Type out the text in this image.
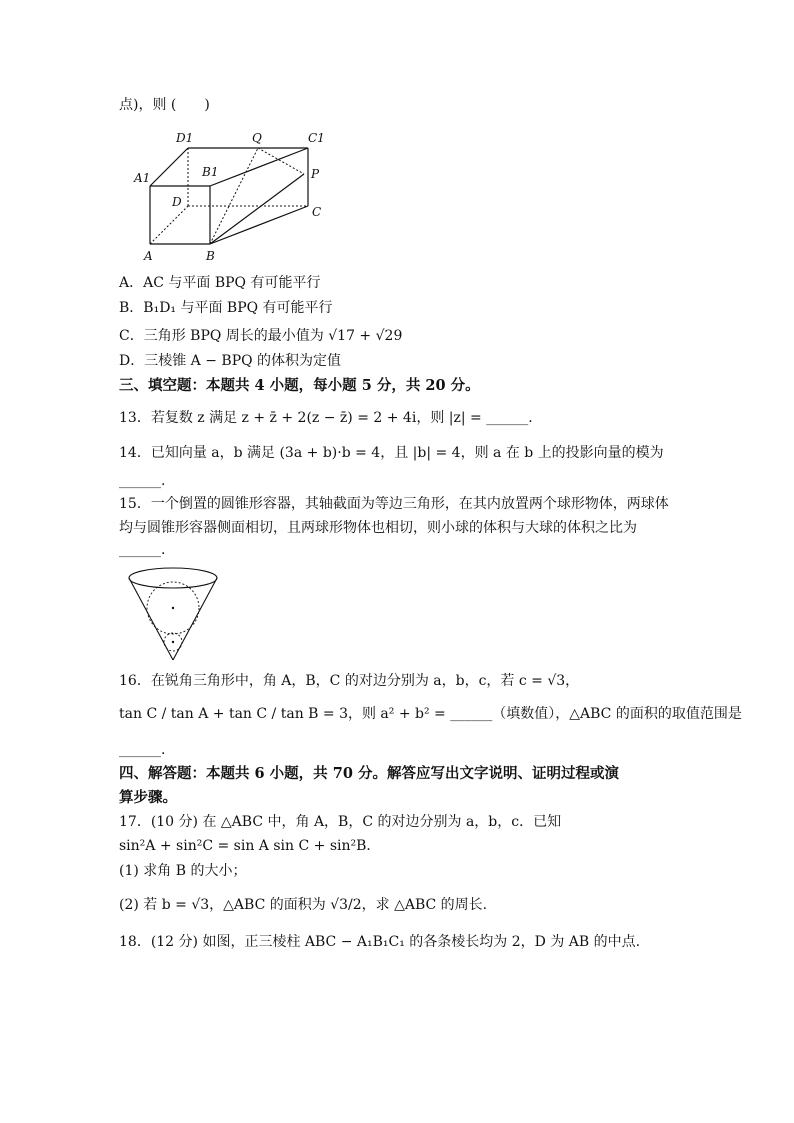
点)，则 (　　)
D1	Q	C1
A1	B1	P
D
C
A	B
A．AC 与平面 BPQ 有可能平行
B．B₁D₁ 与平面 BPQ 有可能平行
C．三角形 BPQ 周长的最小值为 √17 + √29
D．三棱锥 A − BPQ 的体积为定值
三、填空题：本题共 4 小题，每小题 5 分，共 20 分。
13．若复数 z 满足 z + z̄ + 2(z − z̄) = 2 + 4i，则 |z| = ______.
14．已知向量 a，b 满足 (3a + b)·b = 4，且 |b| = 4，则 a 在 b 上的投影向量的模为
______.
15．一个倒置的圆锥形容器，其轴截面为等边三角形，在其内放置两个球形物体，两球体
均与圆锥形容器侧面相切，且两球形物体也相切，则小球的体积与大球的体积之比为
______.
16．在锐角三角形中，角 A，B，C 的对边分别为 a，b，c，若 c = √3，
tan C / tan A + tan C / tan B = 3，则 a² + b² = ______（填数值），△ABC 的面积的取值范围是
______.
四、解答题：本题共 6 小题，共 70 分。解答应写出文字说明、证明过程或演
算步骤。
17．(10 分) 在 △ABC 中，角 A，B，C 的对边分别为 a，b，c．已知
sin²A + sin²C = sin A sin C + sin²B．
(1) 求角 B 的大小；
(2) 若 b = √3，△ABC 的面积为 √3/2，求 △ABC 的周长.
18．(12 分) 如图，正三棱柱 ABC − A₁B₁C₁ 的各条棱长均为 2，D 为 AB 的中点.
